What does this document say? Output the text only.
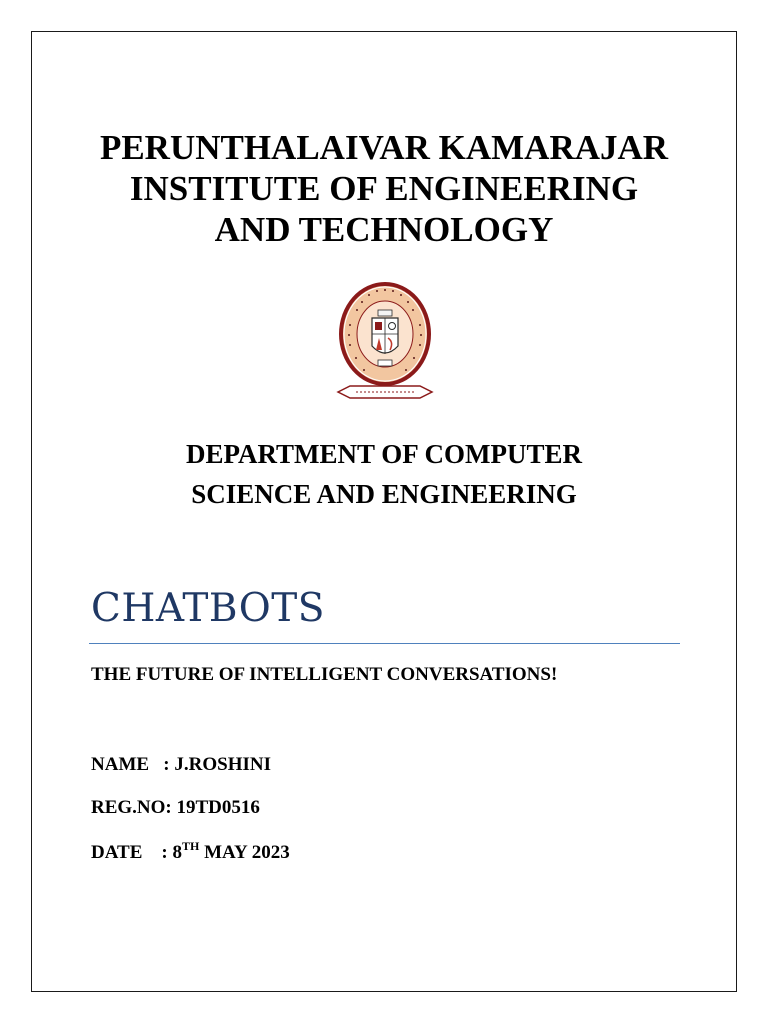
PERUNTHALAIVAR KAMARAJAR
INSTITUTE OF ENGINEERING
AND TECHNOLOGY
DEPARTMENT OF COMPUTER
SCIENCE AND ENGINEERING
CHATBOTS
THE FUTURE OF INTELLIGENT CONVERSATIONS!
NAME   : J.ROSHINI
REG.NO: 19TD0516
DATE    : 8TH MAY 2023
